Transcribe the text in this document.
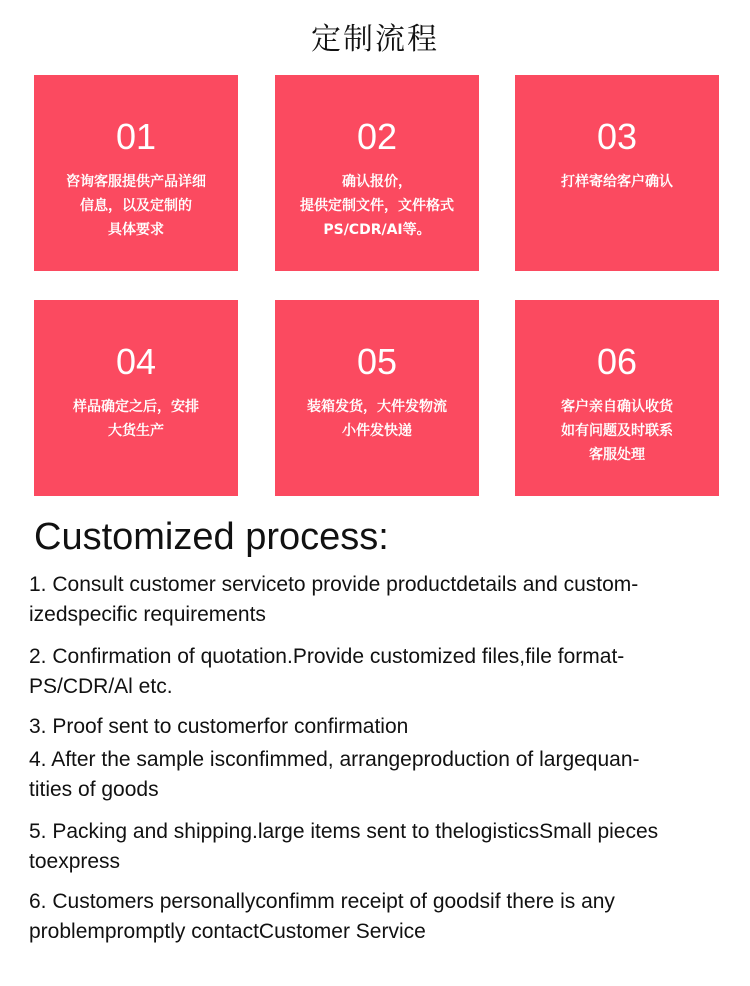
定制流程
01
咨询客服提供产品详细
信息，以及定制的
具体要求
02
确认报价，
提供定制文件，文件格式
PS/CDR/AI等。
03
打样寄给客户确认
04
样品确定之后，安排
大货生产
05
装箱发货，大件发物流
小件发快递
06
客户亲自确认收货
如有问题及时联系
客服处理
Customized process:
1. Consult customer serviceto provide productdetails and custom-
izedspecific requirements
2. Confirmation of quotation.Provide customized files,file format-
PS/CDR/Al etc.
3. Proof sent to customerfor confirmation
4. After the sample isconfimmed, arrangeproduction of largequan-
tities of goods
5. Packing and shipping.large items sent to thelogisticsSmall pieces
toexpress
6. Customers personallyconfimm receipt of goodsif there is any
problempromptly contactCustomer Service
